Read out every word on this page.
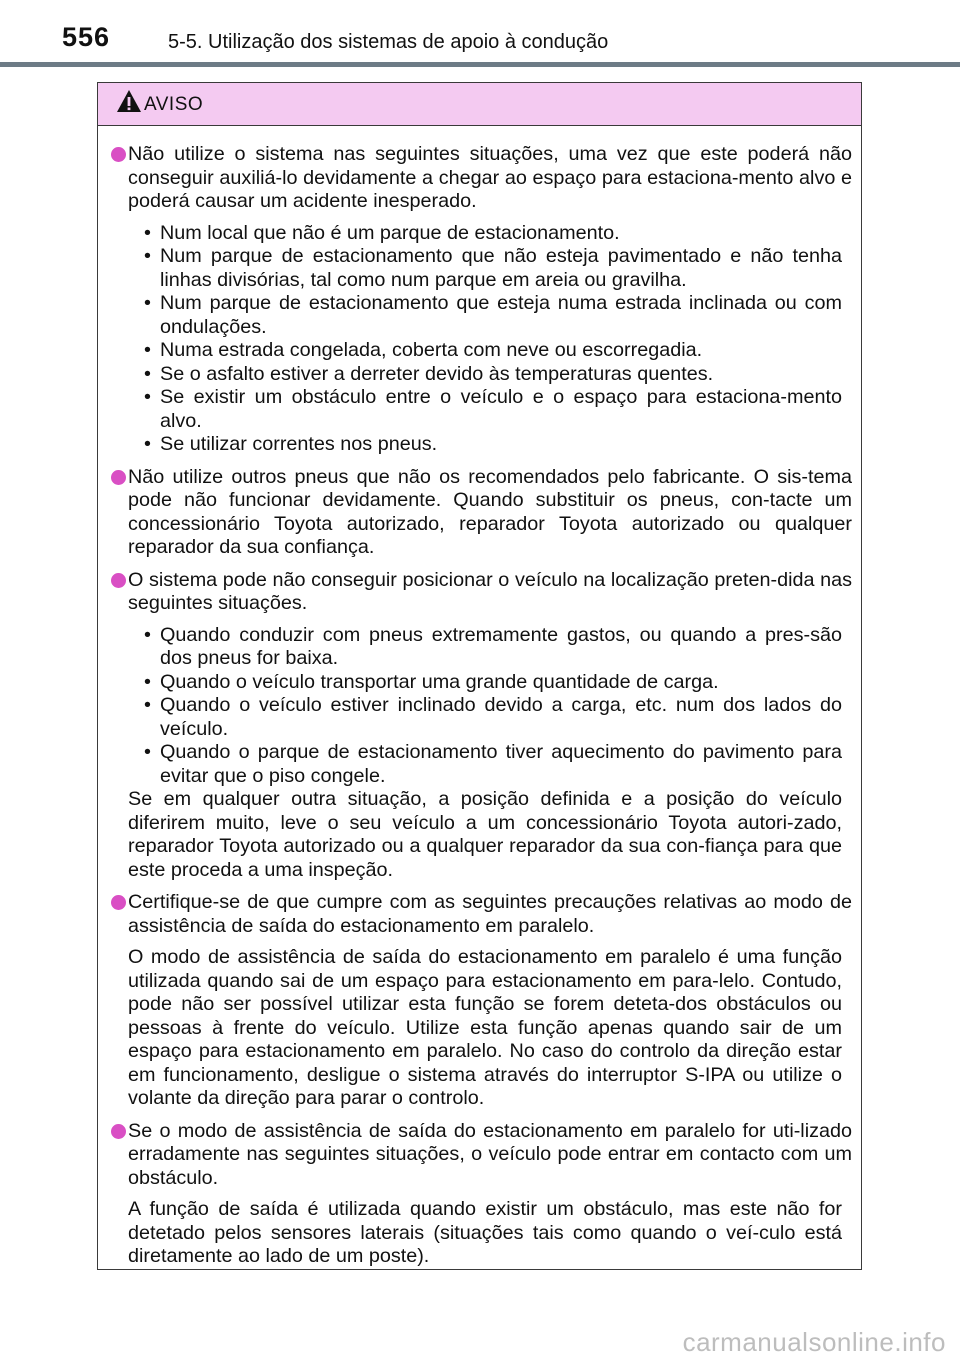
556	5-5. Utilização dos sistemas de apoio à condução
AVISO
Não utilize o sistema nas seguintes situações, uma vez que este poderá não conseguir auxiliá-lo devidamente a chegar ao espaço para estaciona-mento alvo e poderá causar um acidente inesperado.
• Num local que não é um parque de estacionamento.
• Num parque de estacionamento que não esteja pavimentado e não tenha linhas divisórias, tal como num parque em areia ou gravilha.
• Num parque de estacionamento que esteja numa estrada inclinada ou com ondulações.
• Numa estrada congelada, coberta com neve ou escorregadia.
• Se o asfalto estiver a derreter devido às temperaturas quentes.
• Se existir um obstáculo entre o veículo e o espaço para estaciona-mento alvo.
• Se utilizar correntes nos pneus.
Não utilize outros pneus que não os recomendados pelo fabricante. O sis-tema pode não funcionar devidamente. Quando substituir os pneus, con-tacte um concessionário Toyota autorizado, reparador Toyota autorizado ou qualquer reparador da sua confiança.
O sistema pode não conseguir posicionar o veículo na localização preten-dida nas seguintes situações.
• Quando conduzir com pneus extremamente gastos, ou quando a pres-são dos pneus for baixa.
• Quando o veículo transportar uma grande quantidade de carga.
• Quando o veículo estiver inclinado devido a carga, etc. num dos lados do veículo.
• Quando o parque de estacionamento tiver aquecimento do pavimento para evitar que o piso congele.
Se em qualquer outra situação, a posição definida e a posição do veículo diferirem muito, leve o seu veículo a um concessionário Toyota autori-zado, reparador Toyota autorizado ou a qualquer reparador da sua con-fiança para que este proceda a uma inspeção.
Certifique-se de que cumpre com as seguintes precauções relativas ao modo de assistência de saída do estacionamento em paralelo.
O modo de assistência de saída do estacionamento em paralelo é uma função utilizada quando sai de um espaço para estacionamento em para-lelo. Contudo, pode não ser possível utilizar esta função se forem deteta-dos obstáculos ou pessoas à frente do veículo. Utilize esta função apenas quando sair de um espaço para estacionamento em paralelo. No caso do controlo da direção estar em funcionamento, desligue o sistema através do interruptor S-IPA ou utilize o volante da direção para parar o controlo.
Se o modo de assistência de saída do estacionamento em paralelo for uti-lizado erradamente nas seguintes situações, o veículo pode entrar em contacto com um obstáculo.
A função de saída é utilizada quando existir um obstáculo, mas este não for detetado pelos sensores laterais (situações tais como quando o veí-culo está diretamente ao lado de um poste).
carmanualsonline.info
